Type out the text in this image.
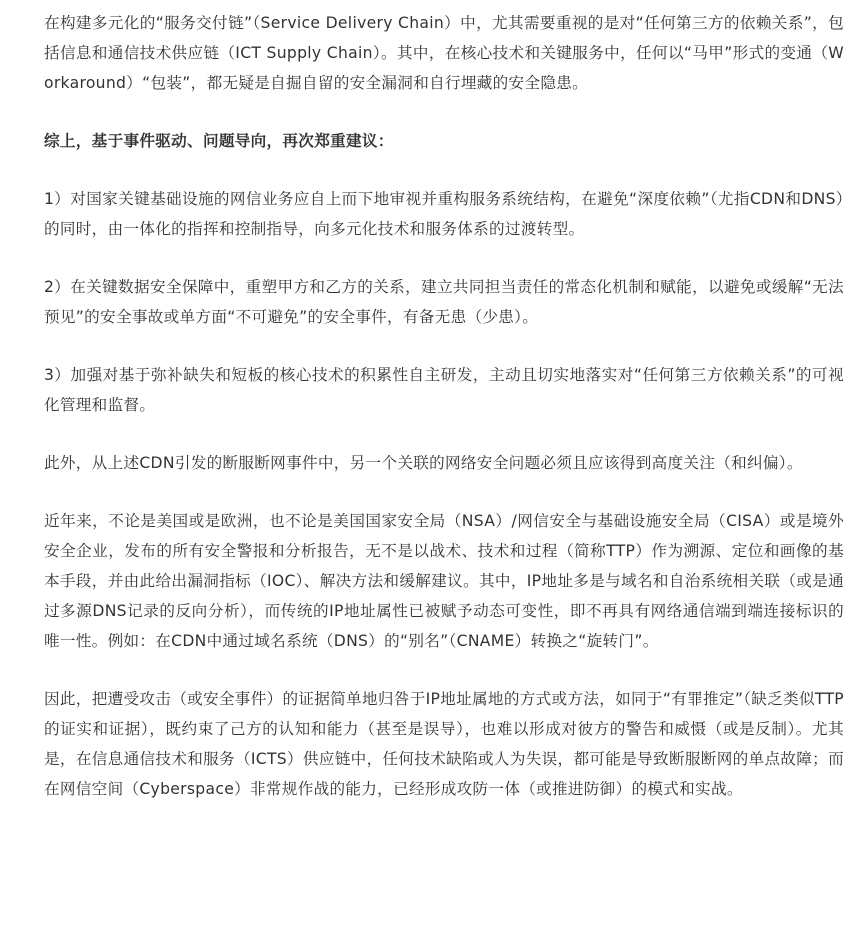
在构建多元化的“服务交付链”（Service Delivery Chain）中，尤其需要重视的是对“任何第三方的依赖关系”，包括信息和通信技术供应链（ICT Supply Chain）。其中，在核心技术和关键服务中，任何以“马甲”形式的变通（Workaround）“包装”，都无疑是自掘自留的安全漏洞和自行埋藏的安全隐患。

综上，基于事件驱动、问题导向，再次郑重建议：

1）对国家关键基础设施的网信业务应自上而下地审视并重构服务系统结构，在避免“深度依赖”（尤指CDN和DNS）的同时，由一体化的指挥和控制指导，向多元化技术和服务体系的过渡转型。

2）在关键数据安全保障中，重塑甲方和乙方的关系，建立共同担当责任的常态化机制和赋能，以避免或缓解“无法预见”的安全事故或单方面“不可避免”的安全事件，有备无患（少患）。

3）加强对基于弥补缺失和短板的核心技术的积累性自主研发，主动且切实地落实对“任何第三方依赖关系”的可视化管理和监督。

此外，从上述CDN引发的断服断网事件中，另一个关联的网络安全问题必须且应该得到高度关注（和纠偏）。

近年来，不论是美国或是欧洲，也不论是美国国家安全局（NSA）/网信安全与基础设施安全局（CISA）或是境外安全企业，发布的所有安全警报和分析报告，无不是以战术、技术和过程（简称TTP）作为溯源、定位和画像的基本手段，并由此给出漏洞指标（IOC）、解决方法和缓解建议。其中，IP地址多是与域名和自治系统相关联（或是通过多源DNS记录的反向分析），而传统的IP地址属性已被赋予动态可变性，即不再具有网络通信端到端连接标识的唯一性。例如：在CDN中通过域名系统（DNS）的“别名”（CNAME）转换之“旋转门”。

因此，把遭受攻击（或安全事件）的证据简单地归咎于IP地址属地的方式或方法，如同于“有罪推定”（缺乏类似TTP的证实和证据），既约束了己方的认知和能力（甚至是误导），也难以形成对彼方的警告和威慑（或是反制）。尤其是，在信息通信技术和服务（ICTS）供应链中，任何技术缺陷或人为失误，都可能是导致断服断网的单点故障；而在网信空间（Cyberspace）非常规作战的能力，已经形成攻防一体（或推进防御）的模式和实战。
